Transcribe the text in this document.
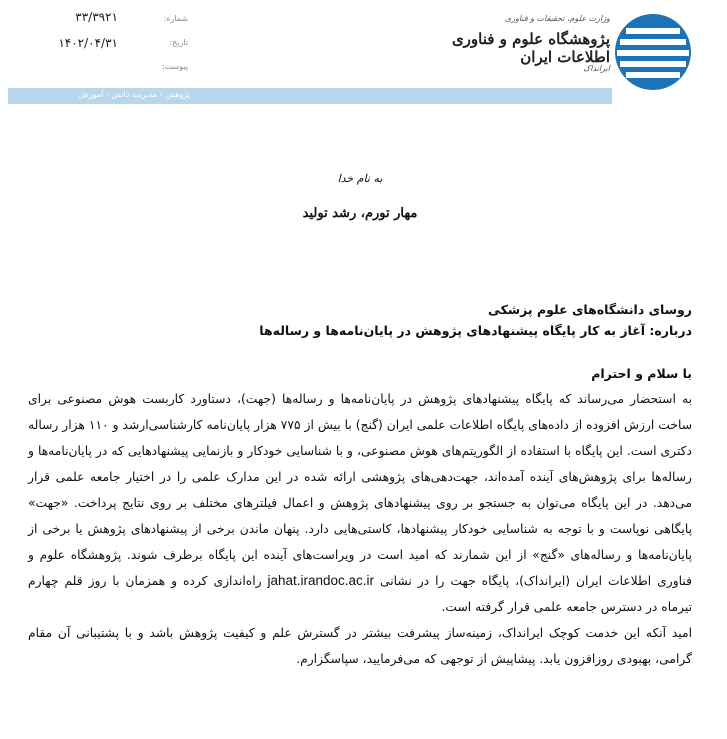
وزارت علوم، تحقیقات و فناوری
پژوهشگاه علوم و فناوری اطلاعات ایران
ایرانداک
شماره:
۳۳/۳۹۲۱
تاریخ:
۱۴۰۲/۰۴/۳۱
پیوست:
پژوهش - مدیریت دانش - آموزش
به نام خدا
مهار تورم، رشد تولید
روسای دانشگاه‌های علوم پزشکی
درباره: آغاز به کار پایگاه پیشنهادهای پژوهش در پایان‌نامه‌ها و رساله‌ها
با سلام و احترام

به استحضار می‌رساند که پایگاه پیشنهادهای پژوهش در پایان‌نامه‌ها و رساله‌ها (جهت)، دستاورد کاربست هوش مصنوعی برای ساخت ارزش افزوده از داده‌های پایگاه اطلاعات علمی ایران (گنج) با بیش از ۷۷۵ هزار پایان‌نامه کارشناسی‌ارشد و ۱۱۰ هزار رساله دکتری است. این پایگاه با استفاده از الگوریتم‌های هوش مصنوعی، و با شناسایی خودکار و بازنمایی پیشنهادهایی که در پایان‌نامه‌ها و رساله‌ها برای پژوهش‌های آینده آمده‌اند، جهت‌دهی‌های پژوهشی ارائه شده در این مدارک علمی را در اختیار جامعه علمی قرار می‌دهد. در این پایگاه می‌توان به جستجو بر روی پیشنهادهای پژوهش و اعمال فیلترهای مختلف بر روی نتایج پرداخت. «جهت» پایگاهی نوپاست و با توجه به شناسایی خودکار پیشنهادها، کاستی‌هایی دارد. پنهان ماندن برخی از پیشنهادهای پژوهش یا برخی از پایان‌نامه‌ها و رساله‌های «گنج» از این شمارند که امید است در ویراست‌های آینده این پایگاه برطرف شوند. پژوهشگاه علوم و فناوری اطلاعات ایران (ایرانداک)، پایگاه جهت را در نشانی jahat.irandoc.ac.ir راه‌اندازی کرده و همزمان با روز قلم چهارم تیرماه در دسترس جامعه علمی قرار گرفته است.

امید آنکه این خدمت کوچک ایرانداک، زمینه‌ساز پیشرفت بیشتر در گسترش علم و کیفیت پژوهش باشد و با پشتیبانی آن مقام گرامی، بهبودی روزافزون یابد. پیشاپیش از توجهی که می‌فرمایید، سپاسگزارم.
